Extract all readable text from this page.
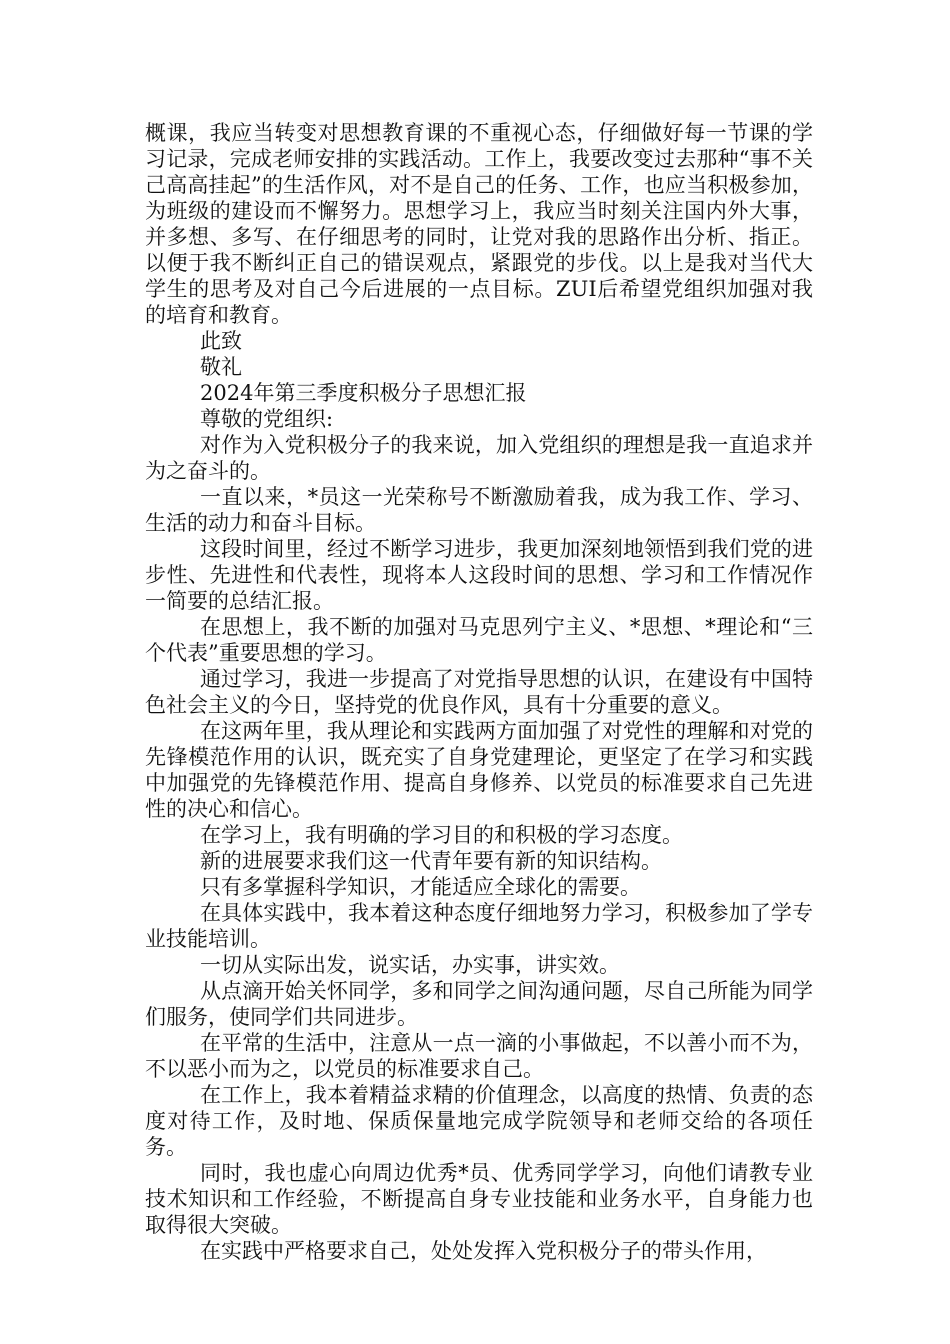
概课，我应当转变对思想教育课的不重视心态，仔细做好每一节课的学习记录，完成老师安排的实践活动。工作上，我要改变过去那种“事不关己高高挂起”的生活作风，对不是自己的任务、工作，也应当积极参加，为班级的建设而不懈努力。思想学习上，我应当时刻关注国内外大事，并多想、多写、在仔细思考的同时，让党对我的思路作出分析、指正。以便于我不断纠正自己的错误观点，紧跟党的步伐。以上是我对当代大学生的思考及对自己今后进展的一点目标。ZUI后希望党组织加强对我的培育和教育。

此致

敬礼

2024年第三季度积极分子思想汇报

尊敬的党组织:

对作为入党积极分子的我来说，加入党组织的理想是我一直追求并为之奋斗的。

一直以来，*员这一光荣称号不断激励着我，成为我工作、学习、生活的动力和奋斗目标。

这段时间里，经过不断学习进步，我更加深刻地领悟到我们党的进步性、先进性和代表性，现将本人这段时间的思想、学习和工作情况作一简要的总结汇报。

在思想上，我不断的加强对马克思列宁主义、*思想、*理论和“三个代表”重要思想的学习。

通过学习，我进一步提高了对党指导思想的认识，在建设有中国特色社会主义的今日，坚持党的优良作风，具有十分重要的意义。

在这两年里，我从理论和实践两方面加强了对党性的理解和对党的先锋模范作用的认识，既充实了自身党建理论，更坚定了在学习和实践中加强党的先锋模范作用、提高自身修养、以党员的标准要求自己先进性的决心和信心。

在学习上，我有明确的学习目的和积极的学习态度。

新的进展要求我们这一代青年要有新的知识结构。

只有多掌握科学知识，才能适应全球化的需要。

在具体实践中，我本着这种态度仔细地努力学习，积极参加了学专业技能培训。

一切从实际出发，说实话，办实事，讲实效。

从点滴开始关怀同学，多和同学之间沟通问题，尽自己所能为同学们服务，使同学们共同进步。

在平常的生活中，注意从一点一滴的小事做起，不以善小而不为，不以恶小而为之，以党员的标准要求自己。

在工作上，我本着精益求精的价值理念，以高度的热情、负责的态度对待工作，及时地、保质保量地完成学院领导和老师交给的各项任务。

同时，我也虚心向周边优秀*员、优秀同学学习，向他们请教专业技术知识和工作经验，不断提高自身专业技能和业务水平，自身能力也取得很大突破。

在实践中严格要求自己，处处发挥入党积极分子的带头作用，
